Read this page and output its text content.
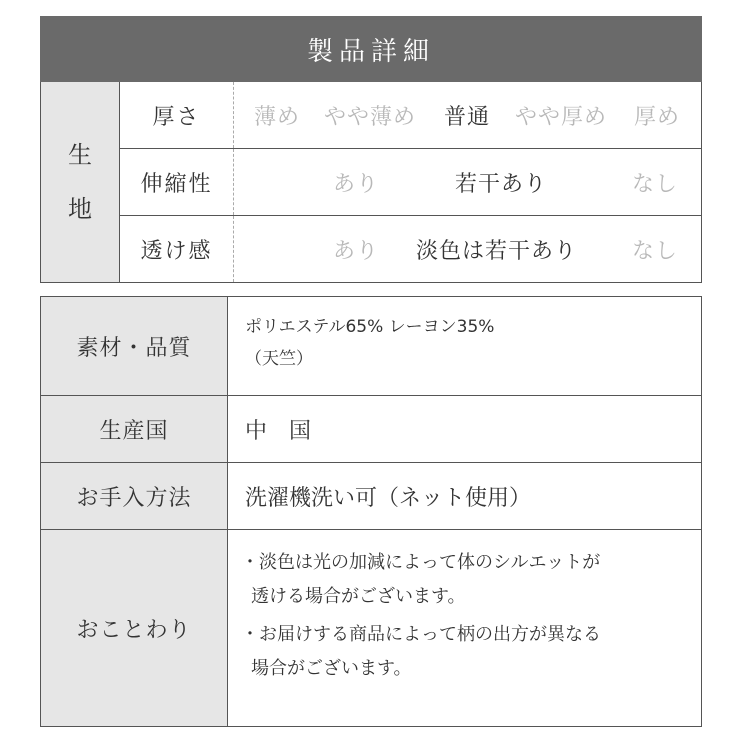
製品詳細
生
地
厚さ	薄め やや薄め 普通 やや厚め 厚め
伸縮性	あり	若干あり	なし
透け感	あり 淡色は若干あり なし
素材・品質
ポリエステル65% レーヨン35%
（天竺）
生産国	中　国
お手入方法	洗濯機洗い可（ネット使用）
おことわり
・淡色は光の加減によって体のシルエットが
透ける場合がございます。
・お届けする商品によって柄の出方が異なる
場合がございます。
